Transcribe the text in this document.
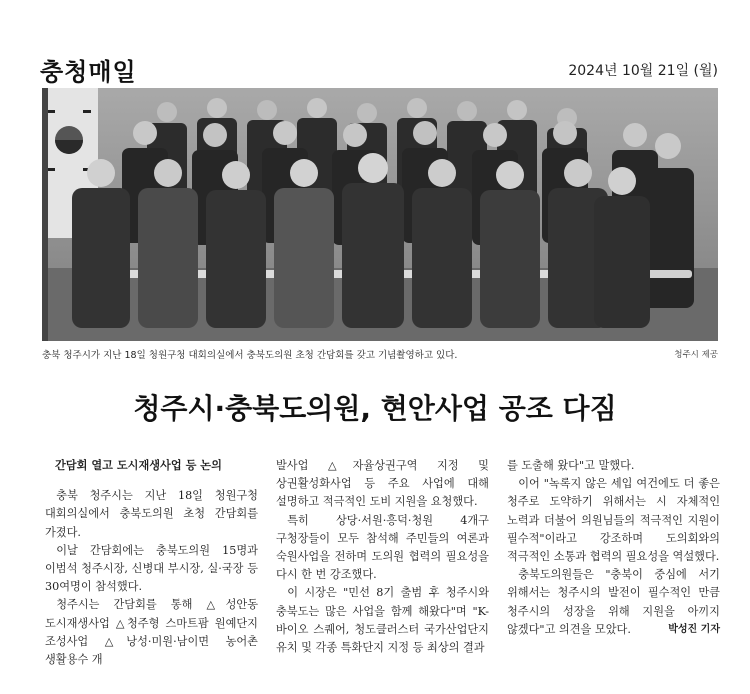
충청매일	2024년 10월 21일 (월)
충북 청주시가 지난 18일 청원구청 대회의실에서 충북도의원 초청 간담회를 갖고 기념촬영하고 있다.	청주시 제공
청주시·충북도의원, 현안사업 공조 다짐
간담회 열고 도시재생사업 등 논의

충북 청주시는 지난 18일 청원구청 대회의실에서 충북도의원 초청 간담회를 가졌다.

이날 간담회에는 충북도의원 15명과 이범석 청주시장, 신병대 부시장, 실·국장 등 30여명이 참석했다.

청주시는 간담회를 통해 △성안동 도시재생사업 △청주형 스마트팜 원예단지 조성사업 △낭성·미원·남이면 농어촌 생활용수 개

발사업 △자율상권구역 지정 및 상권활성화사업 등 주요 사업에 대해 설명하고 적극적인 도비 지원을 요청했다.

특히 상당·서원·흥덕·청원 4개구 구청장들이 모두 참석해 주민들의 여론과 숙원사업을 전하며 도의원 협력의 필요성을 다시 한 번 강조했다.

이 시장은 "민선 8기 출범 후 청주시와 충북도는 많은 사업을 함께 해왔다"며 "K-바이오 스퀘어, 청도클러스터 국가산업단지 유치 및 각종 특화단지 지정 등 최상의 결과

를 도출해 왔다"고 말했다.

이어 "녹록지 않은 세입 여건에도 더 좋은 청주로 도약하기 위해서는 시 자체적인 노력과 더불어 의원님들의 적극적인 지원이 필수적"이라고 강조하며 도의회와의 적극적인 소통과 협력의 필요성을 역설했다.

충북도의원들은 "충북이 중심에 서기 위해서는 청주시의 발전이 필수적인 만큼 청주시의 성장을 위해 지원을 아끼지 않겠다"고 의견을 모았다.	박성진 기자
